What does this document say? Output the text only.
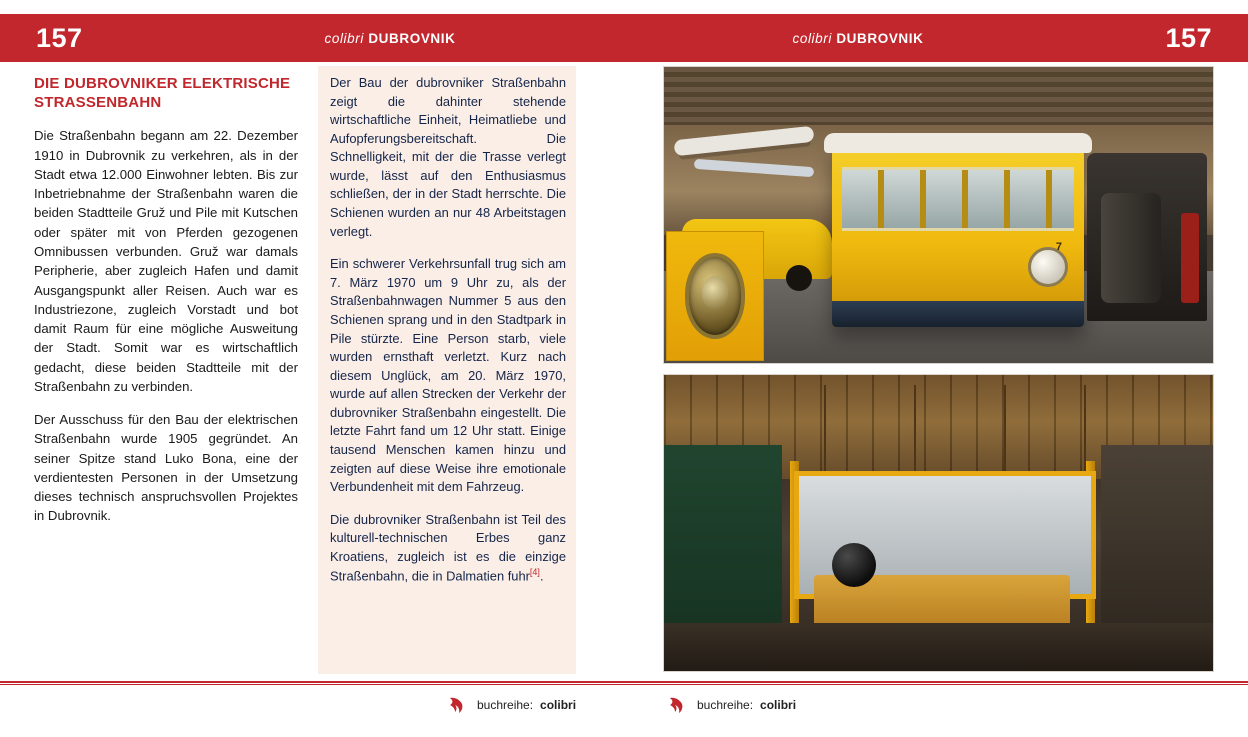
157	colibri DUBROVNIK	colibri DUBROVNIK	157
DIE DUBROVNIKER ELEKTRISCHE STRASSENBAHN

Die Straßenbahn begann am 22. Dezember 1910 in Dubrovnik zu verkehren, als in der Stadt etwa 12.000 Einwohner lebten. Bis zur Inbetriebnahme der Straßenbahn waren die beiden Stadtteile Gruž und Pile mit Kutschen oder später mit von Pferden gezogenen Omnibussen verbunden. Gruž war damals Peripherie, aber zugleich Hafen und damit Ausgangspunkt aller Reisen. Auch war es Industriezone, zugleich Vorstadt und bot damit Raum für eine mögliche Ausweitung der Stadt. Somit war es wirtschaftlich gedacht, diese beiden Stadtteile mit der Straßenbahn zu verbinden.

Der Ausschuss für den Bau der elektrischen Straßenbahn wurde 1905 gegründet. An seiner Spitze stand Luko Bona, eine der verdientesten Personen in der Umsetzung dieses technisch anspruchsvollen Projektes in Dubrovnik.

Der Bau der dubrovniker Straßenbahn zeigt die dahinter stehende wirtschaftliche Einheit, Heimatliebe und Aufopferungsbereitschaft. Die Schnelligkeit, mit der die Trasse verlegt wurde, lässt auf den Enthusiasmus schließen, der in der Stadt herrschte. Die Schienen wurden an nur 48 Arbeitstagen verlegt.

Ein schwerer Verkehrsunfall trug sich am 7. März 1970 um 9 Uhr zu, als der Straßenbahnwagen Nummer 5 aus den Schienen sprang und in den Stadtpark in Pile stürzte. Eine Person starb, viele wurden ernsthaft verletzt. Kurz nach diesem Unglück, am 20. März 1970, wurde auf allen Strecken der Verkehr der dubrovniker Straßenbahn eingestellt. Die letzte Fahrt fand um 12 Uhr statt. Einige tausend Menschen kamen hinzu und zeigten auf diese Weise ihre emotionale Verbundenheit mit dem Fahrzeug.

Die dubrovniker Straßenbahn ist Teil des kulturell-technischen Erbes ganz Kroatiens, zugleich ist es die einzige Straßenbahn, die in Dalmatien fuhr[4].

7
buchreihe: colibri	buchreihe: colibri
